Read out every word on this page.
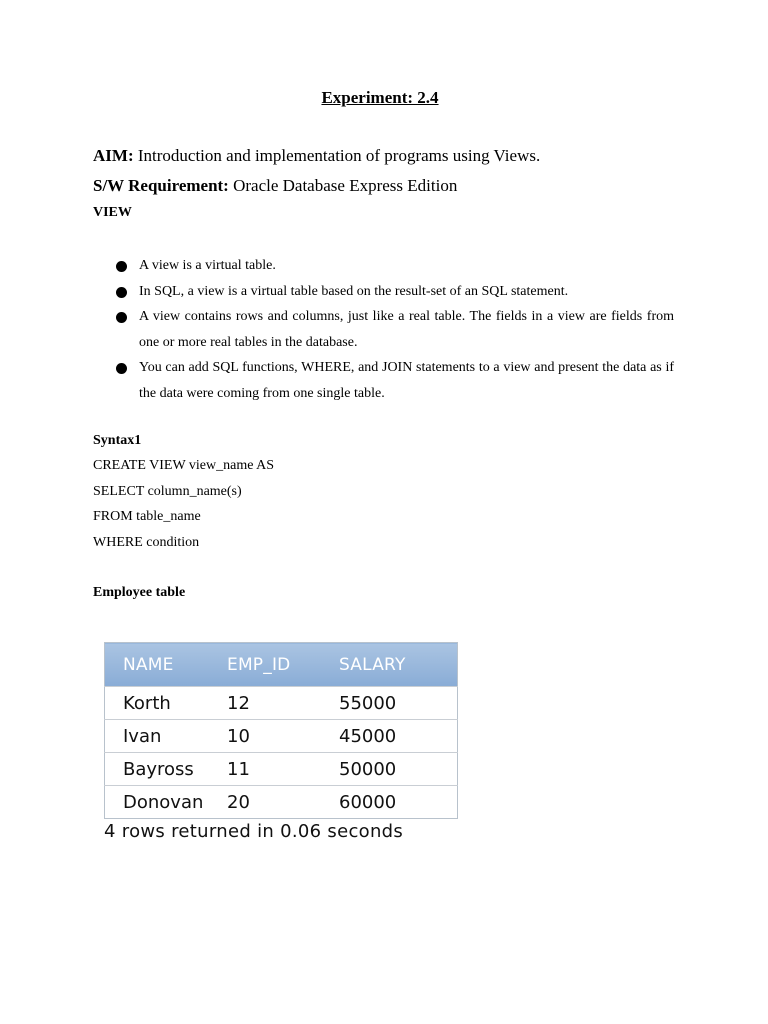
Experiment: 2.4
AIM: Introduction and implementation of programs using Views.
S/W Requirement: Oracle Database Express Edition
VIEW
A view is a virtual table.
In SQL, a view is a virtual table based on the result-set of an SQL statement.
A view contains rows and columns, just like a real table. The fields in a view are fields from one or more real tables in the database.
You can add SQL functions, WHERE, and JOIN statements to a view and present the data as if the data were coming from one single table.
Syntax1
CREATE VIEW view_name AS
SELECT column_name(s)
FROM table_name
WHERE condition
Employee table
NAME	EMP_ID	SALARY
Korth	12	55000
Ivan	10	45000
Bayross	11	50000
Donovan	20	60000
4 rows returned in 0.06 seconds
